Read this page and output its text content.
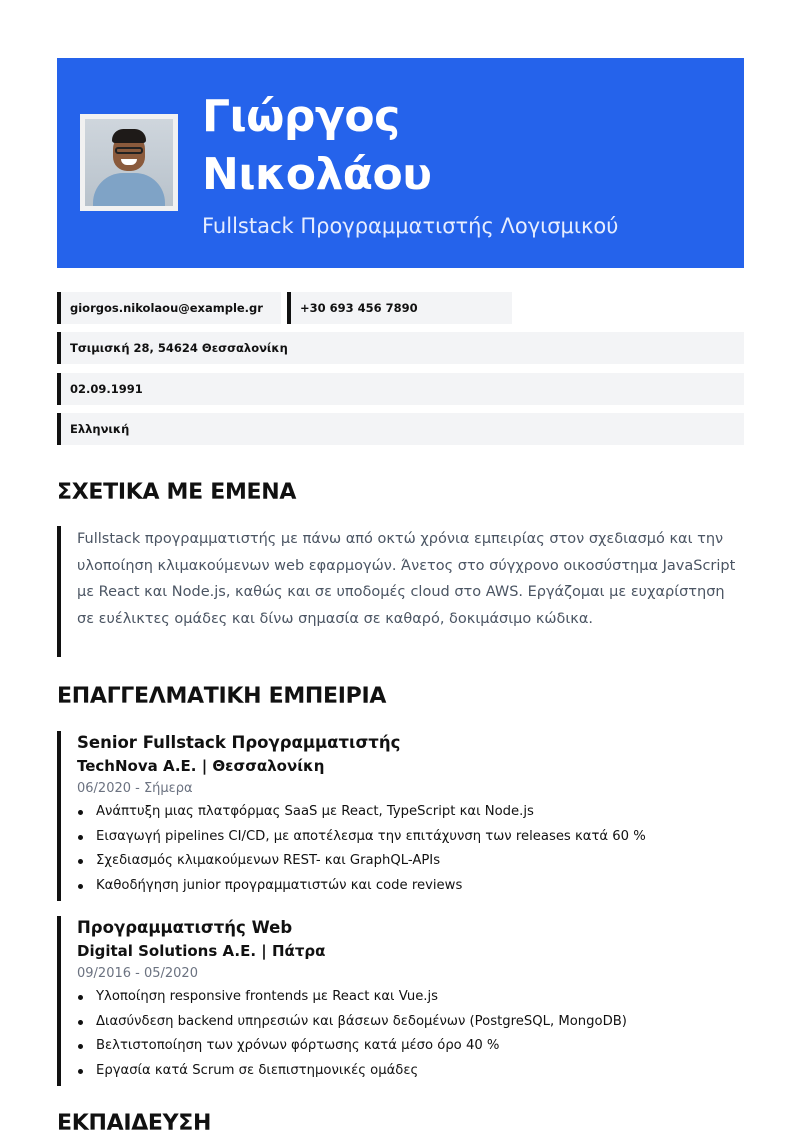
Γιώργος
Νικολάου
Fullstack Προγραμματιστής Λογισμικού
giorgos.nikolaou@example.gr	+30 693 456 7890
Τσιμισκή 28, 54624 Θεσσαλονίκη
02.09.1991
Ελληνική
ΣΧΕΤΙΚΑ ΜΕ ΕΜΕΝΑ
Fullstack προγραμματιστής με πάνω από οκτώ χρόνια εμπειρίας στον σχεδιασμό και την υλοποίηση κλιμακούμενων web εφαρμογών. Άνετος στο σύγχρονο οικοσύστημα JavaScript με React και Node.js, καθώς και σε υποδομές cloud στο AWS. Εργάζομαι με ευχαρίστηση σε ευέλικτες ομάδες και δίνω σημασία σε καθαρό, δοκιμάσιμο κώδικα.
ΕΠΑΓΓΕΛΜΑΤΙΚΗ ΕΜΠΕΙΡΙΑ
Senior Fullstack Προγραμματιστής
TechNova A.E. | Θεσσαλονίκη
06/2020 - Σήμερα
Ανάπτυξη μιας πλατφόρμας SaaS με React, TypeScript και Node.js
Εισαγωγή pipelines CI/CD, με αποτέλεσμα την επιτάχυνση των releases κατά 60 %
Σχεδιασμός κλιμακούμενων REST- και GraphQL-APIs
Καθοδήγηση junior προγραμματιστών και code reviews
Προγραμματιστής Web
Digital Solutions A.E. | Πάτρα
09/2016 - 05/2020
Υλοποίηση responsive frontends με React και Vue.js
Διασύνδεση backend υπηρεσιών και βάσεων δεδομένων (PostgreSQL, MongoDB)
Βελτιστοποίηση των χρόνων φόρτωσης κατά μέσο όρο 40 %
Εργασία κατά Scrum σε διεπιστημονικές ομάδες
ΕΚΠΑΙΔΕΥΣΗ
